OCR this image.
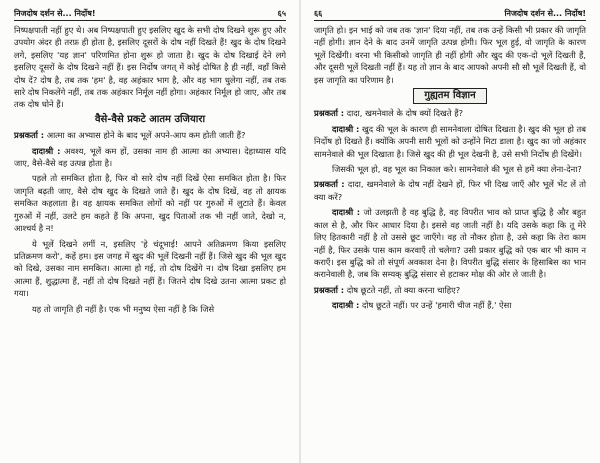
निजदोष दर्शन से... निर्दोष!	६५

निष्पक्षपाती नहीं हुए थे। अब निष्पक्षपाती हुए इसलिए खुद के सभी दोष दिखने शुरू हुए और उपयोग अंदर ही तरफ़ ही होता है, इसलिए दूसरों के दोष नहीं दिखते हैं! खुद के दोष दिखने लगे, इसलिए 'यह ज्ञान' परिणमित होना शुरू हो जाता है। खुद के दोष दिखाई देने लगे इसलिए दूसरों के दोष दिखने नहीं हैं। इस निर्दोष जगत् में कोई दोषित है ही नहीं, वहाँ किसे दोष दें? दोष है, तब तक 'हम' है, वह अहंकार भाग है, और वह भाग धुलेगा नहीं, तब तक सारे दोष निकलेंगे नहीं, तब तक अहंकार निर्मूल नहीं होगा। अहंकार निर्मूल हो जाए, और तब तक दोष धोने हैं।

वैसे-वैसे प्रकटे आतम उजियारा

प्रश्नकर्ता : आत्मा का अभ्यास होने के बाद भूलें अपने-आप कम होती जाती हैं?

दादाश्री : अवश्य, भूलें कम हों, उसका नाम ही आत्मा का अभ्यास। देहाध्यास यदि जाए, वैसे-वैसे वह उत्पन्न होता है।

पहले तो समकित होता है, फिर वो सारे दोष नहीं दिखें ऐसा समकित होता है। फिर जागृति बढ़ती जाए, वैसे दोष खुद के दिखते जाते हैं। खुद के दोष दिखें, वह तो क्षायक समकित कहलाता है। वह क्षायक समकित लोगों को नहीं पर गुरुओं में लुटाते हैं। केवल गुरुओं में नहीं, उलटे हम कहते हैं कि अपना, खुद पिताओं तक भी नहीं जाते, देखो न, आश्चर्य है न!

ये भूलें दिखने लगीं न, इसलिए 'हे चंदूभाई! आपने अतिक्रमण किया इसलिए प्रतिक्रमण करो', कहें हम। इस जगह में खुद की भूलें दिखनी नहीं हैं। जिसे खुद की भूल खुद को दिखे, उसका नाम समकित। आत्मा हो गई, तो दोष दिखेंगे न। दोष दिखा इसलिए हम आत्मा हैं, शुद्धात्मा हैं, नहीं तो दोष दिखते नहीं हैं। जितने दोष दिखे उतना आत्मा प्रकट हो गया।

यह तो जागृति ही नहीं है। एक भी मनुष्य ऐसा नहीं है कि जिसे

६६	निजदोष दर्शन से... निर्दोष!

जागृति हो। इन भाई को जब तक 'ज्ञान' दिया नहीं, तब तक उन्हें किसी भी प्रकार की जागृति नहीं होगी। ज्ञान देने के बाद उनमें जागृति उत्पन्न होगी। फिर भूल हुई, वो जागृति के कारण भूलें दिखेंगी। वरना भी किसीको जागृति ही नहीं होगी और खुद की एक-दो भूलें दिखती हैं, और दूसरी भूलें दिखती नहीं हैं। यह तो ज्ञान के बाद आपको अपनी सौ सौ भूलें दिखती हैं, वो इस जागृति का परिणाम है।

गुह्यतम विज्ञान

प्रश्नकर्ता : दादा, खमनेवाले के दोष क्यों दिखते हैं?

दादाश्री : खुद की भूल के कारण ही सामनेवाला दोषित दिखता है। खुद की भूल हो तब निर्दोष हो दिखते हैं। क्योंकि अपनी सारी भूलों को उन्होंने मिटा डाला है। खुद का जो अहंकार सामनेवाले की भूल दिखाता है। जिसे खुद की ही भूल देखनी है, उसे सभी निर्दोष ही दिखेंगे।

जिसकी भूल हो, वह भूल का निकाल करे। सामनेवाले की भूल से हमें क्या लेना-देना?

प्रश्नकर्ता : दादा, खमनेवाले के दोष नहीं देखने हों, फिर भी दिख जाएँ और भूलें भेंट लें तो क्या करें?

दादाश्री : जो उलझती है वह बुद्धि है, वह विपरीत भाव को प्राप्त बुद्धि है और बहुत काल से है, और फिर आधार दिया है। इससे वह जाती नहीं है। यदि उसके कहा कि तू मेरे लिए हितकारी नहीं है तो उससे छूट जाएँगे। वह तो नौकर होता है, उसे कहा कि तेरा काम नहीं है, फिर उसके पास काम करवाएँ तो चलेगा? उसी प्रकार बुद्धि को एक बार भी काम न कराएँ। इस बुद्धि को तो संपूर्ण अवकाश देना है। विपरीत बुद्धि संसार के हिसाबिस का भान करानेवाली है, जब कि सम्यक् बुद्धि संसार से हटाकर मोक्ष की ओर ले जाती है।

प्रश्नकर्ता : दोष छूटते नहीं, तो क्या करना चाहिए?

दादाश्री : दोष छूटते नहीं। पर उन्हें 'हमारी चीज नहीं हैं,' ऐसा
